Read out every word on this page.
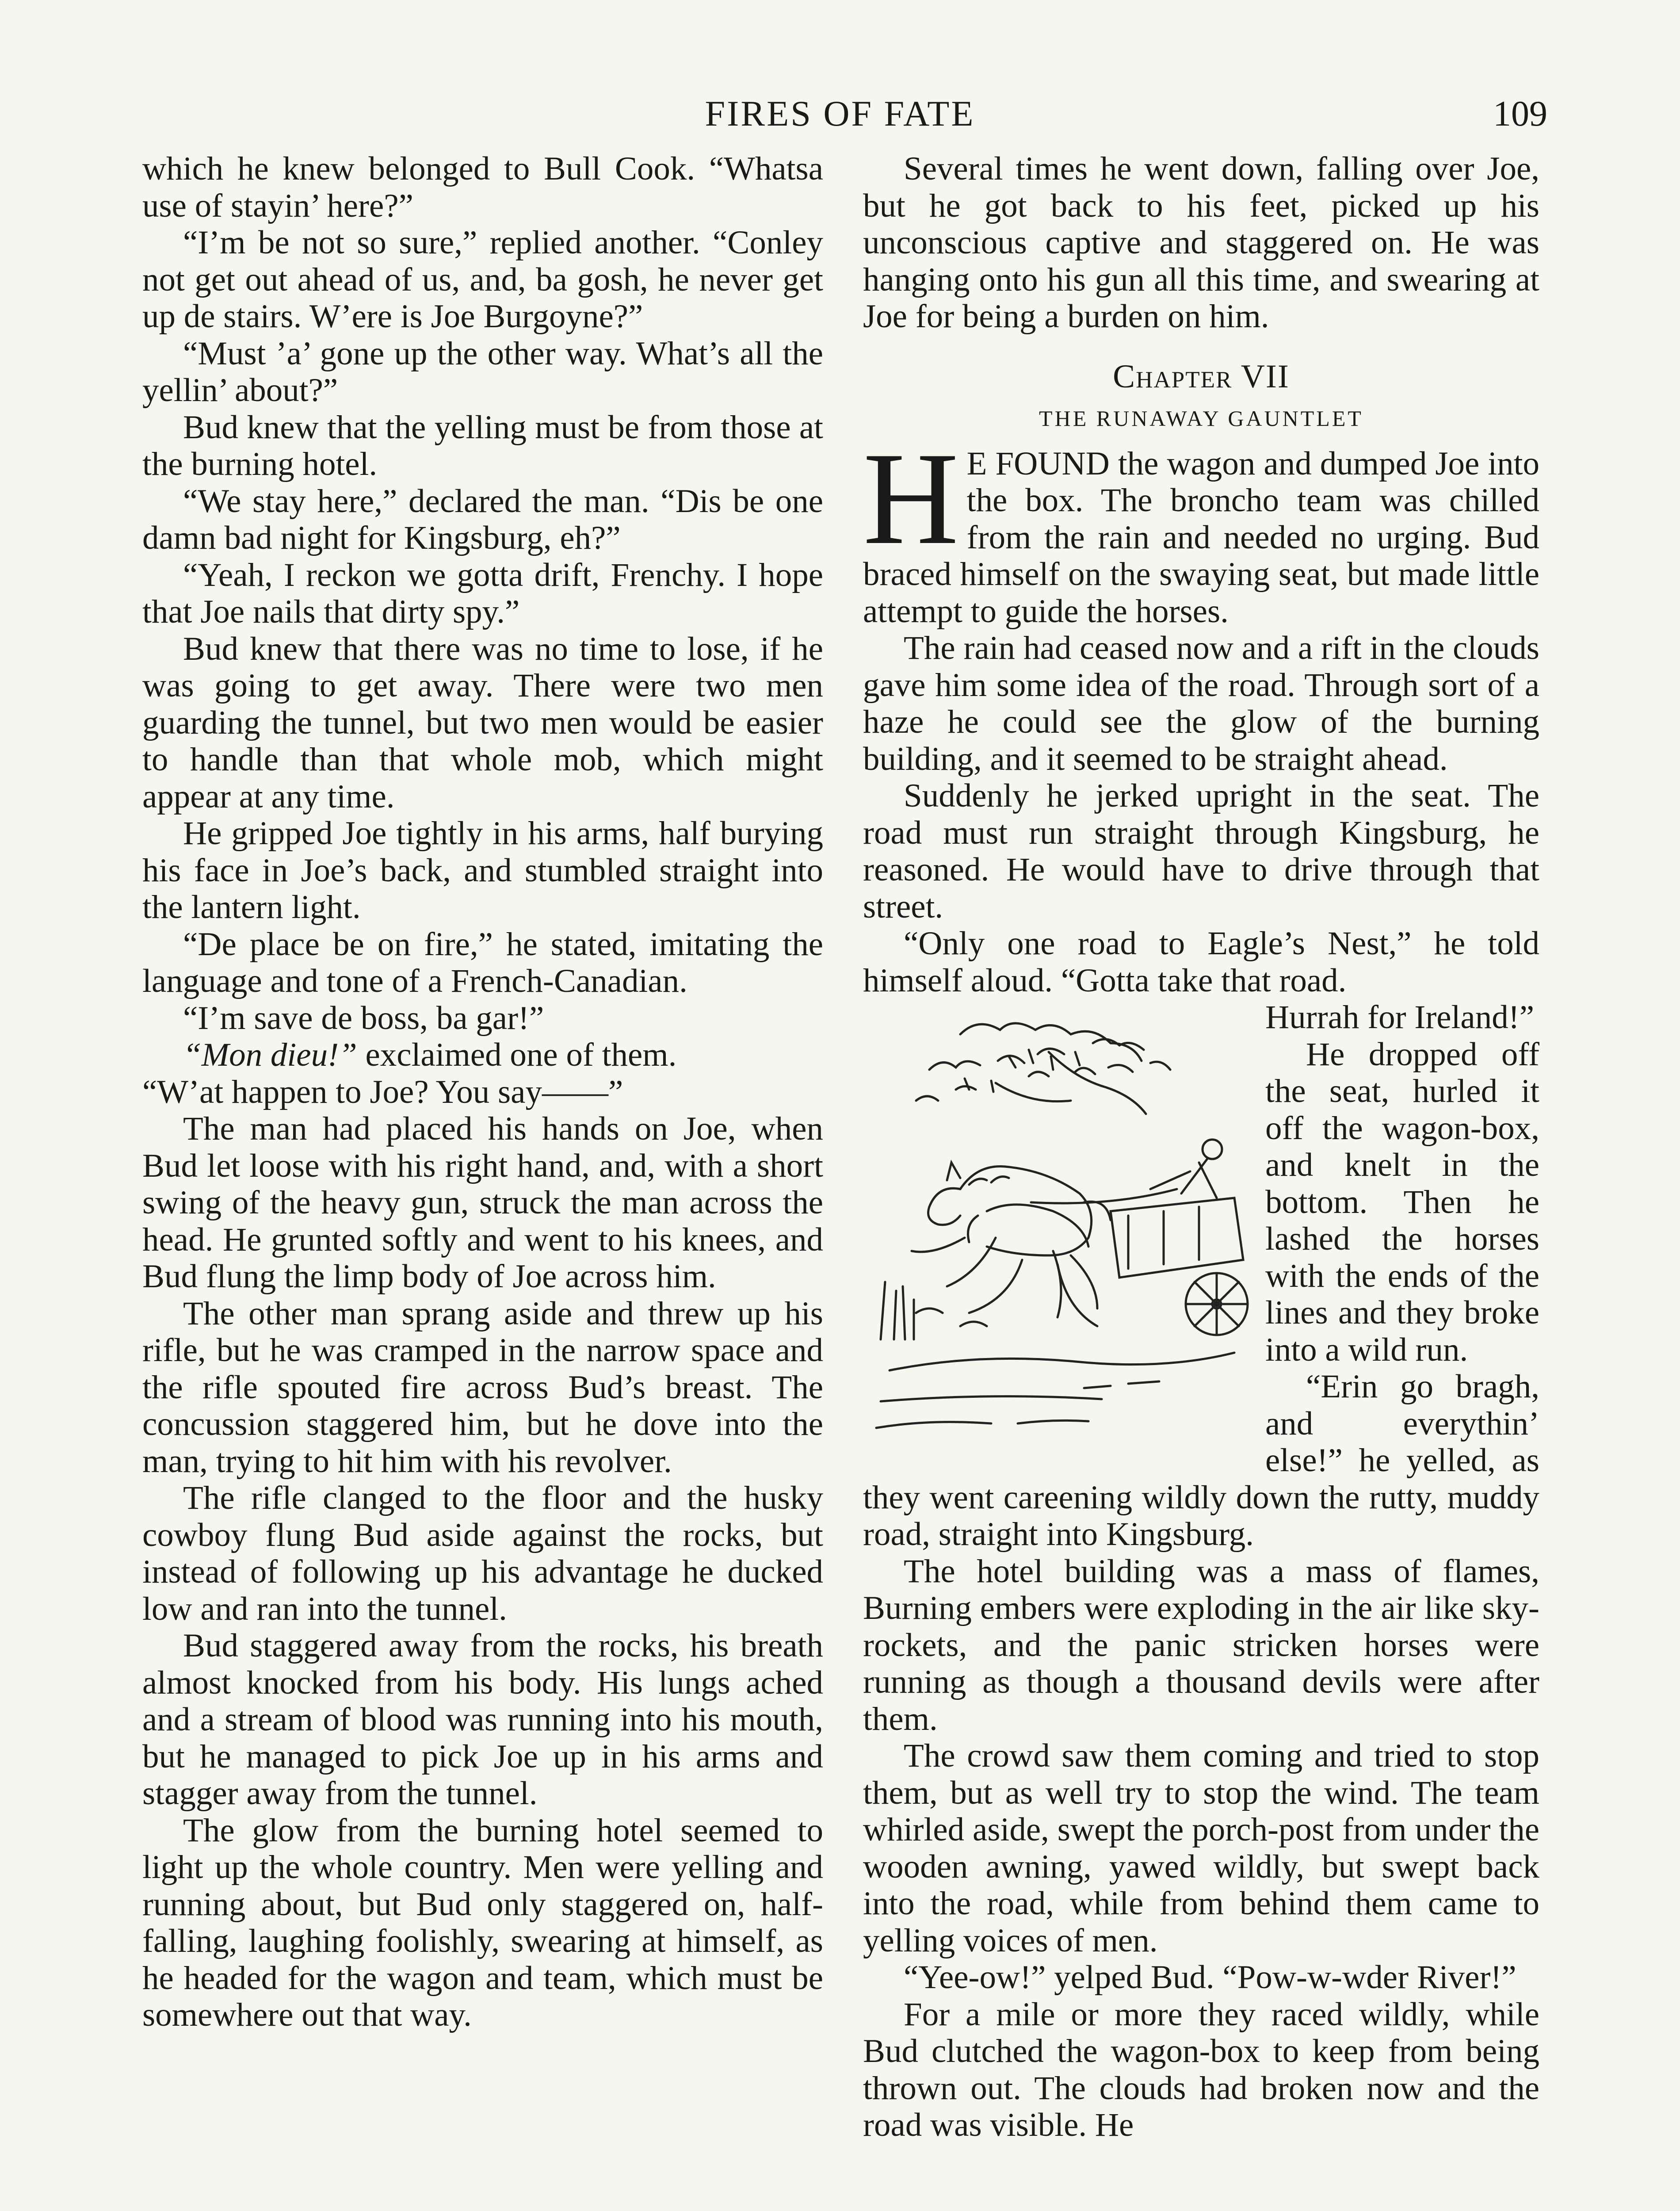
FIRES OF FATE	109

which he knew belonged to Bull Cook. “Whatsa use of stayin’ here?”

“I’m be not so sure,” replied another. “Conley not get out ahead of us, and, ba gosh, he never get up de stairs. W’ere is Joe Burgoyne?”

“Must ’a’ gone up the other way. What’s all the yellin’ about?”

Bud knew that the yelling must be from those at the burning hotel.

“We stay here,” declared the man. “Dis be one damn bad night for Kingsburg, eh?”

“Yeah, I reckon we gotta drift, Frenchy. I hope that Joe nails that dirty spy.”

Bud knew that there was no time to lose, if he was going to get away. There were two men guarding the tunnel, but two men would be easier to handle than that whole mob, which might appear at any time.

He gripped Joe tightly in his arms, half burying his face in Joe’s back, and stumbled straight into the lantern light.

“De place be on fire,” he stated, imitating the language and tone of a French-Canadian.

“I’m save de boss, ba gar!”

“Mon dieu!” exclaimed one of them.

“W’at happen to Joe? You say——”

The man had placed his hands on Joe, when Bud let loose with his right hand, and, with a short swing of the heavy gun, struck the man across the head. He grunted softly and went to his knees, and Bud flung the limp body of Joe across him.

The other man sprang aside and threw up his rifle, but he was cramped in the narrow space and the rifle spouted fire across Bud’s breast. The concussion staggered him, but he dove into the man, trying to hit him with his revolver.

The rifle clanged to the floor and the husky cowboy flung Bud aside against the rocks, but instead of following up his advantage he ducked low and ran into the tunnel.

Bud staggered away from the rocks, his breath almost knocked from his body. His lungs ached and a stream of blood was running into his mouth, but he managed to pick Joe up in his arms and stagger away from the tunnel.

The glow from the burning hotel seemed to light up the whole country. Men were yelling and running about, but Bud only staggered on, half-falling, laughing foolishly, swearing at himself, as he headed for the wagon and team, which must be somewhere out that way.

Several times he went down, falling over Joe, but he got back to his feet, picked up his unconscious captive and staggered on. He was hanging onto his gun all this time, and swearing at Joe for being a burden on him.

Chapter VII
THE RUNAWAY GAUNTLET

H E FOUND the wagon and dumped Joe into the box. The broncho team was chilled from the rain and needed no urging. Bud braced himself on the swaying seat, but made little attempt to guide the horses.

The rain had ceased now and a rift in the clouds gave him some idea of the road. Through sort of a haze he could see the glow of the burning building, and it seemed to be straight ahead.

Suddenly he jerked upright in the seat. The road must run straight through Kingsburg, he reasoned. He would have to drive through that street.

“Only one road to Eagle’s Nest,” he told himself aloud. “Gotta take that road.

Hurrah for Ireland!”

He dropped off the seat, hurled it off the wagon-box, and knelt in the bottom. Then he lashed the horses with the ends of the lines and they broke into a wild run.

“Erin go bragh, and everythin’ else!” he yelled, as they went careening wildly down the rutty, muddy road, straight into Kingsburg.

The hotel building was a mass of flames, Burning embers were exploding in the air like sky-rockets, and the panic stricken horses were running as though a thousand devils were after them.

The crowd saw them coming and tried to stop them, but as well try to stop the wind. The team whirled aside, swept the porch-post from under the wooden awning, yawed wildly, but swept back into the road, while from behind them came to yelling voices of men.

“Yee-ow!” yelped Bud. “Pow-w-wder River!”

For a mile or more they raced wildly, while Bud clutched the wagon-box to keep from being thrown out. The clouds had broken now and the road was visible. He
